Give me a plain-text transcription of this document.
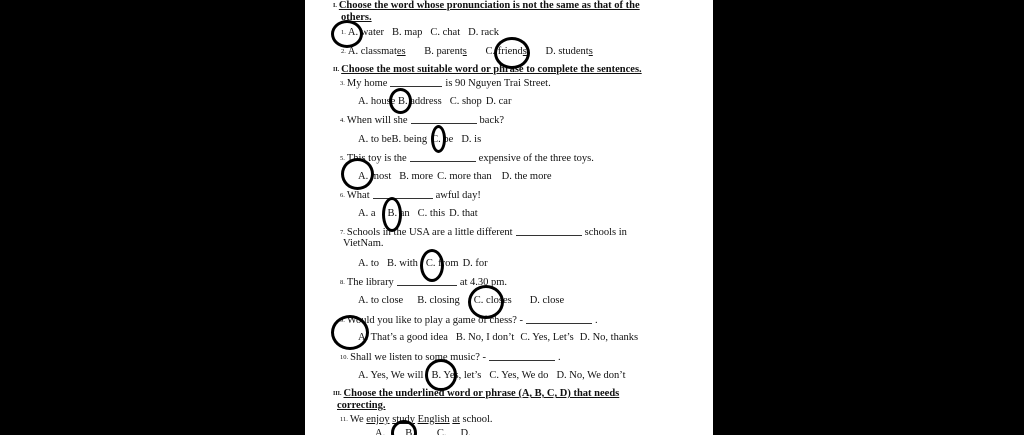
I. Choose the word whose pronunciation is not the same as that of the
others.
1. A. water B. map C. chat D. rack
2. A. classmates B. parents C. friends D. students
II. Choose the most suitable word or phrase to complete the sentences.
3. My home	is 90 Nguyen Trai Street.
A. house B. address C. shop D. car
4. When will she	back?
A. to beB. being C. be D. is
5. This toy is the	expensive of the three toys.
A. most B. more C. more than D. the more
6. What	awful day!
A. a B. an C. this D. that
7. Schools in the USA are a little different	schools in
VietNam.
A. to B. with C. from D. for
8. The library	at 4.30 pm.
A. to close B. closing C. closes D. close
9. Would you like to play a game of chess? -	.
A. That’s a good idea B. No, I don’t C. Yes, Let’s D. No, thanks
10. Shall we listen to some music? -	.
A. Yes, We will B. Yes, let’s C. Yes, We do D. No, We don’t
III. Choose the underlined word or phrase (A, B, C, D) that needs
correcting.
11. We enjoy study English at school.
A. B. C. D.
